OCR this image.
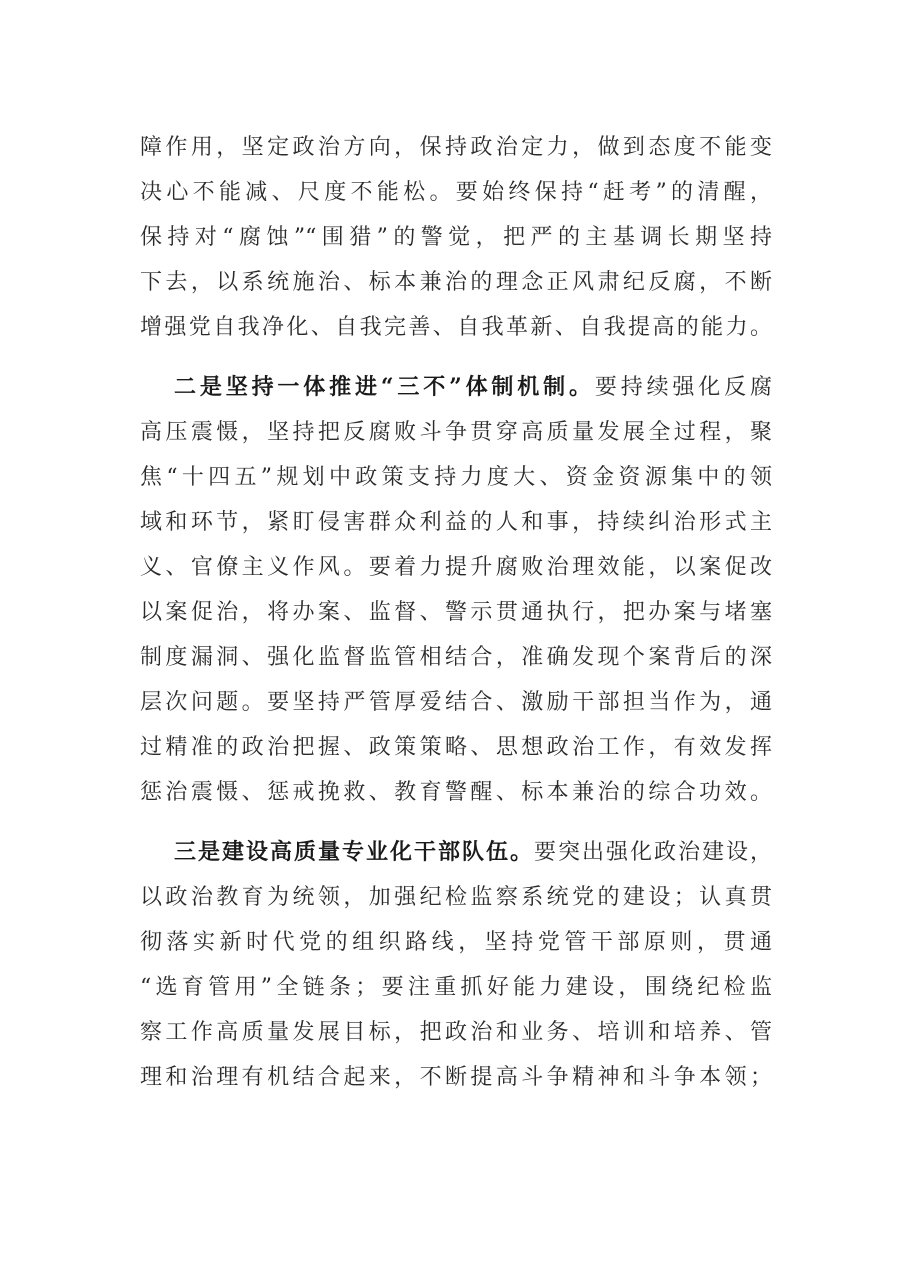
障作用，坚定政治方向，保持政治定力，做到态度不能变
决心不能减、尺度不能松。要始终保持“赶考”的清醒，
保持对“腐蚀”“围猎”的警觉，把严的主基调长期坚持
下去，以系统施治、标本兼治的理念正风肃纪反腐，不断
增强党自我净化、自我完善、自我革新、自我提高的能力。
二是坚持一体推进“三不”体制机制。要持续强化反腐
高压震慑，坚持把反腐败斗争贯穿高质量发展全过程，聚
焦“十四五”规划中政策支持力度大、资金资源集中的领
域和环节，紧盯侵害群众利益的人和事，持续纠治形式主
义、官僚主义作风。要着力提升腐败治理效能，以案促改
以案促治，将办案、监督、警示贯通执行，把办案与堵塞
制度漏洞、强化监督监管相结合，准确发现个案背后的深
层次问题。要坚持严管厚爱结合、激励干部担当作为，通
过精准的政治把握、政策策略、思想政治工作，有效发挥
惩治震慑、惩戒挽救、教育警醒、标本兼治的综合功效。
三是建设高质量专业化干部队伍。要突出强化政治建设，
以政治教育为统领，加强纪检监察系统党的建设；认真贯
彻落实新时代党的组织路线，坚持党管干部原则，贯通
“选育管用”全链条；要注重抓好能力建设，围绕纪检监
察工作高质量发展目标，把政治和业务、培训和培养、管
理和治理有机结合起来，不断提高斗争精神和斗争本领；
